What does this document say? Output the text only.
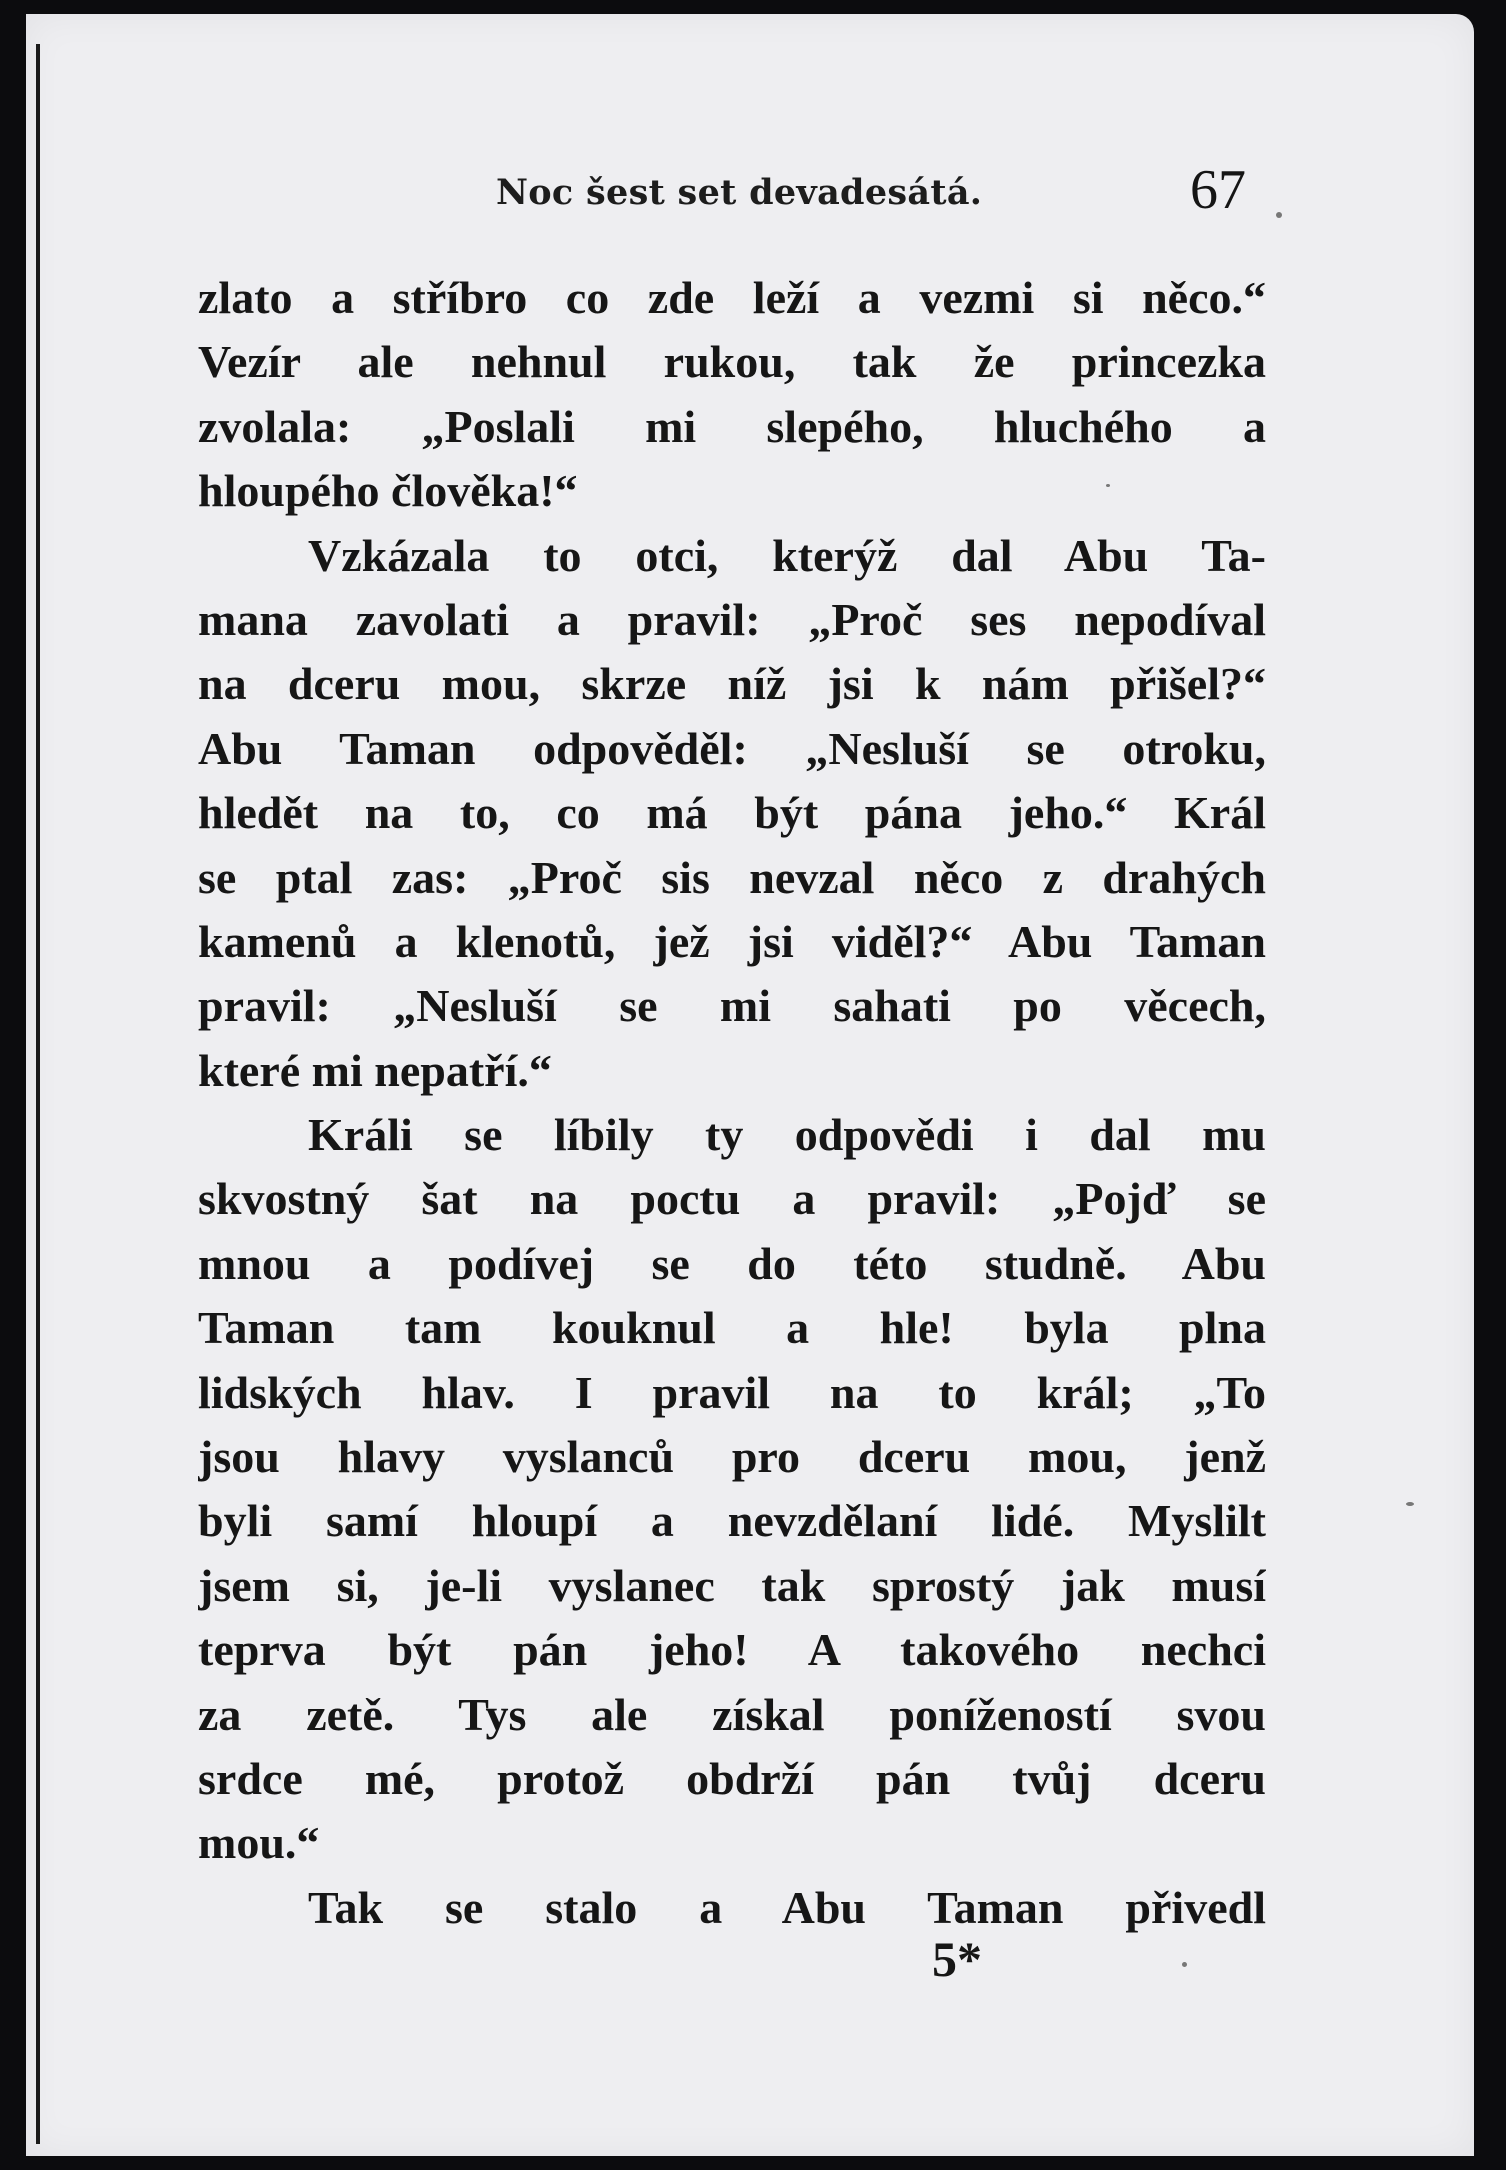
Noc šest set devadesátá.	67
zlato a stříbro co zde leží a vezmi si něco.“
Vezír ale nehnul rukou, tak že princezka
zvolala: „Poslali mi slepého, hluchého a
hloupého člověka!“
Vzkázala to otci, kterýž dal Abu Ta-
mana zavolati a pravil: „Proč ses nepodíval
na dceru mou, skrze níž jsi k nám přišel?“
Abu Taman odpověděl: „Nesluší se otroku,
hledět na to, co má být pána jeho.“ Král
se ptal zas: „Proč sis nevzal něco z drahých
kamenů a klenotů, jež jsi viděl?“ Abu Taman
pravil: „Nesluší se mi sahati po věcech,
které mi nepatří.“
Králi se líbily ty odpovědi i dal mu
skvostný šat na poctu a pravil: „Pojď se
mnou a podívej se do této studně. Abu
Taman tam kouknul a hle! byla plna
lidských hlav. I pravil na to král; „To
jsou hlavy vyslanců pro dceru mou, jenž
byli samí hloupí a nevzdělaní lidé. Myslilt
jsem si, je-li vyslanec tak sprostý jak musí
teprva být pán jeho! A takového nechci
za zetě. Tys ale získal ponížeností svou
srdce mé, protož obdrží pán tvůj dceru
mou.“
Tak se stalo a Abu Taman přivedl
5*
